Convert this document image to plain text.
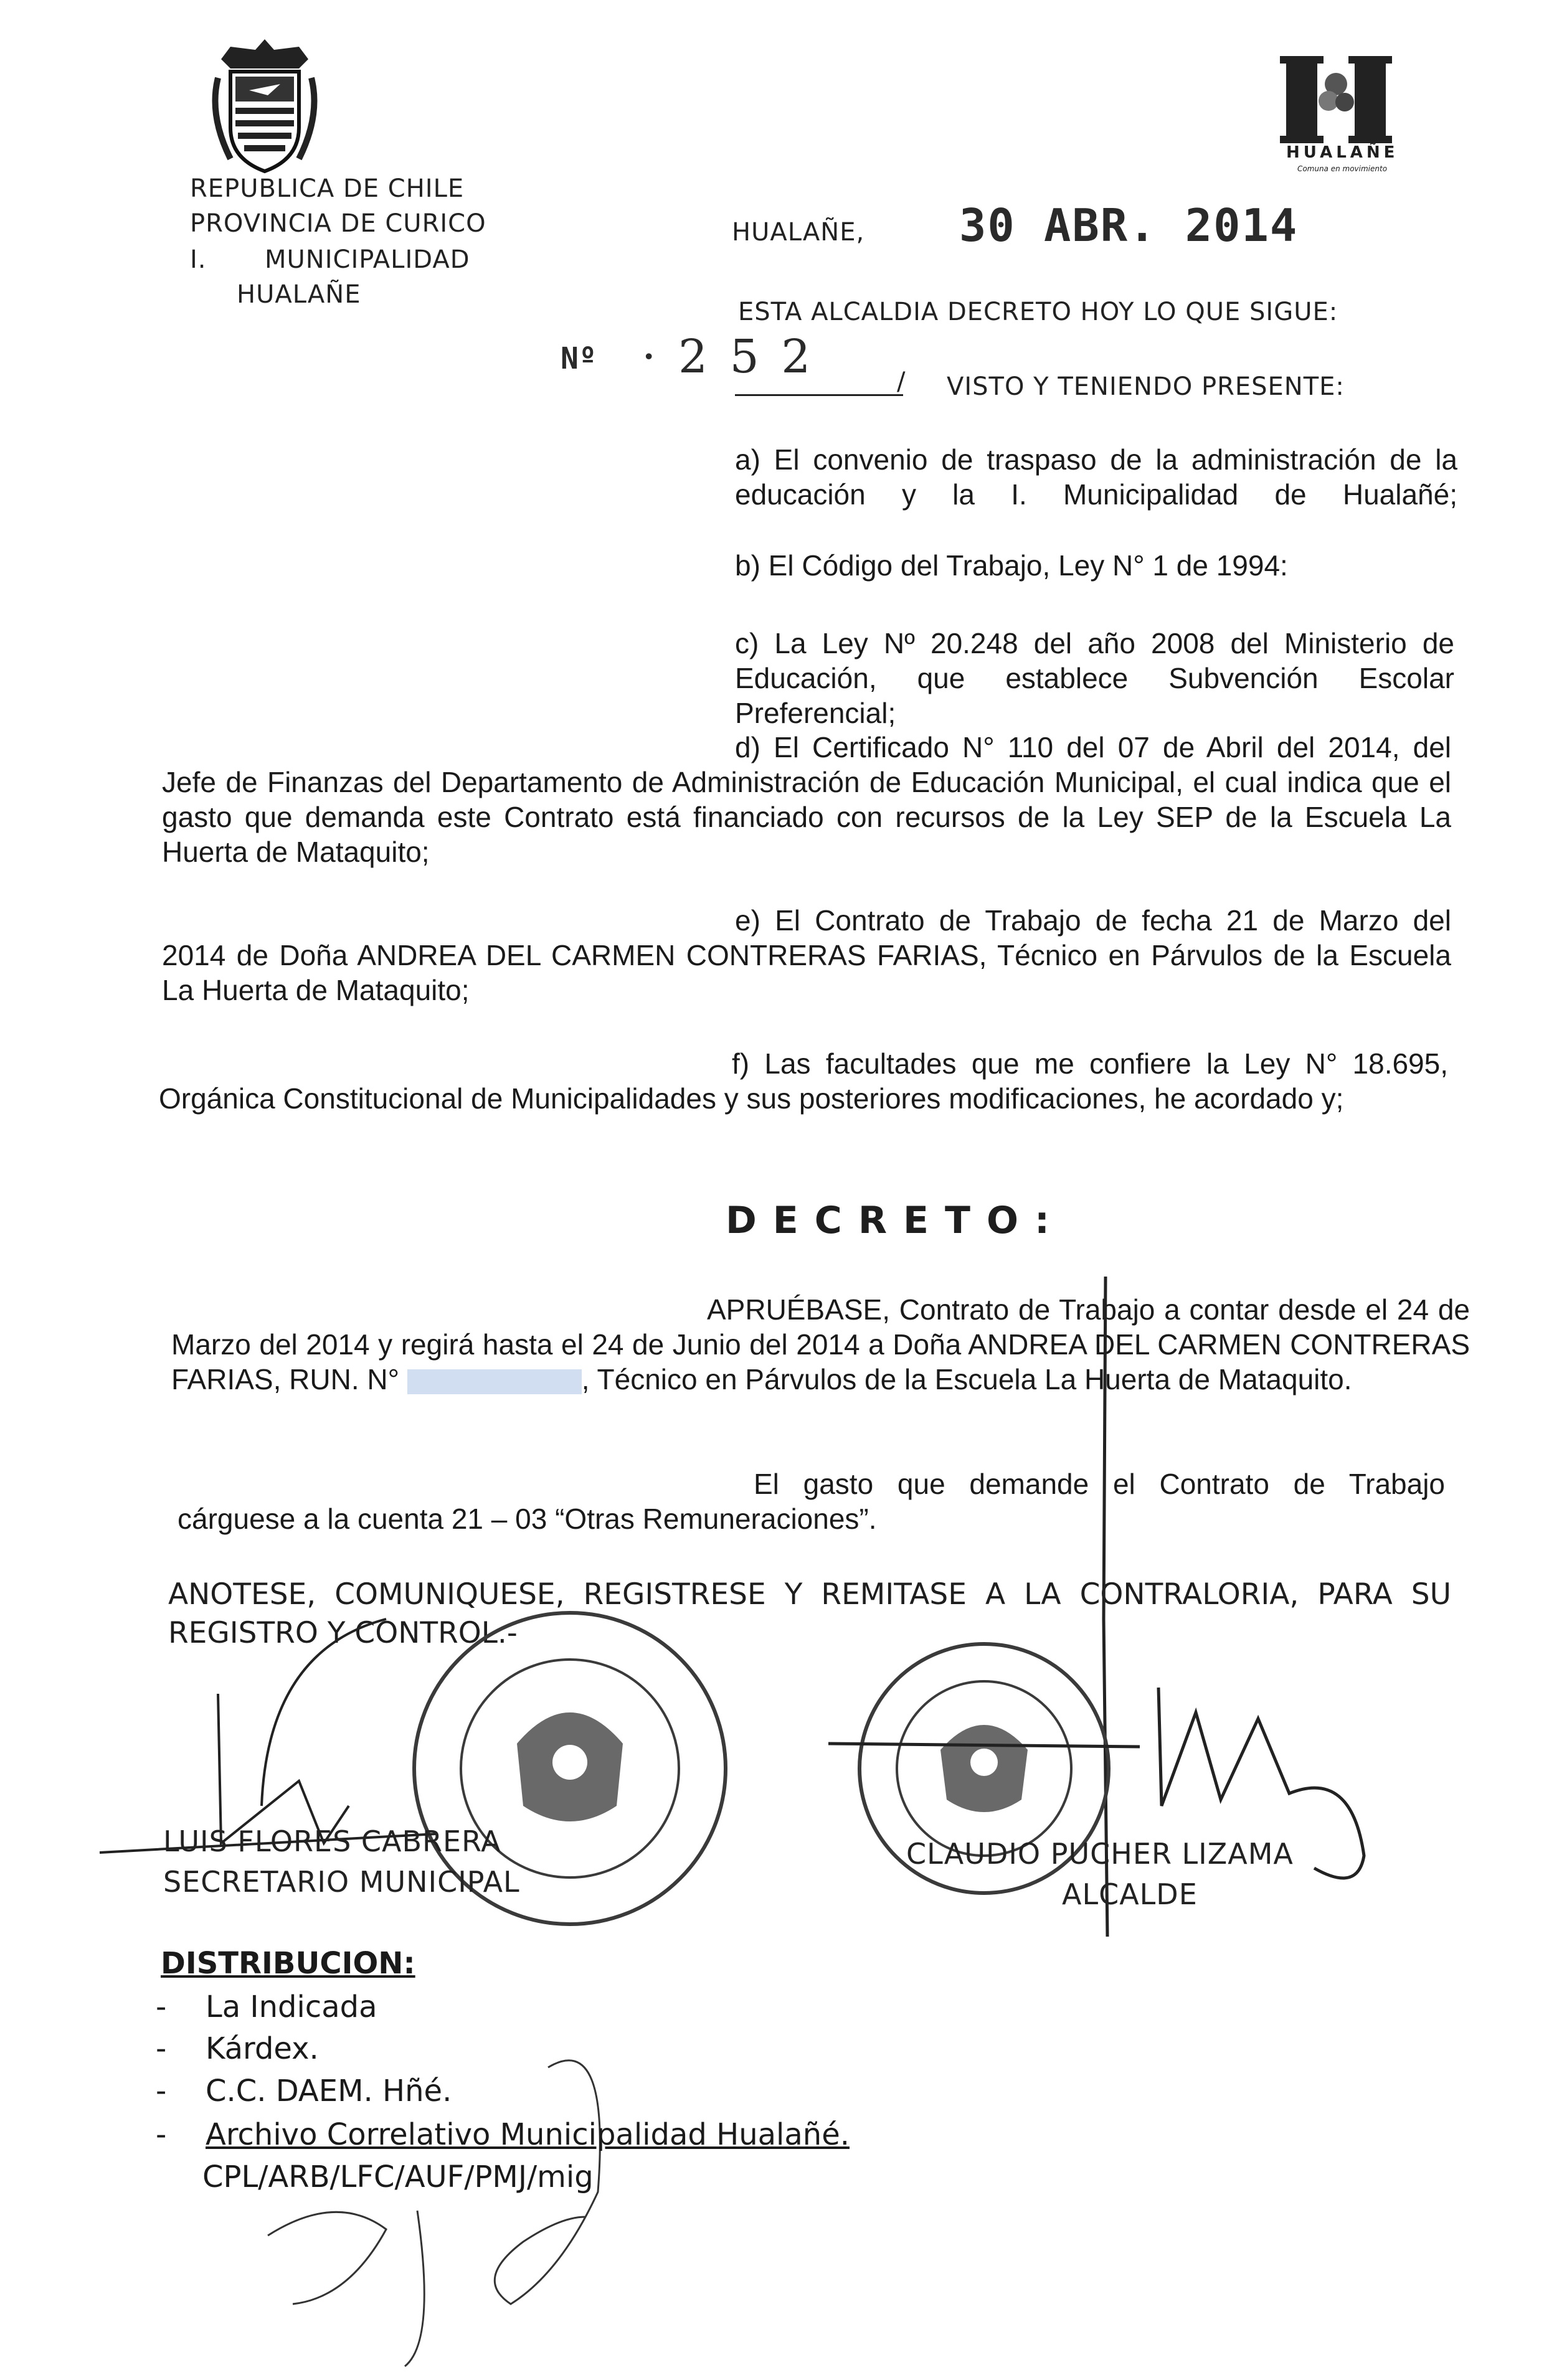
HUALAÑE
Comuna en movimiento
REPUBLICA DE CHILE
PROVINCIA DE CURICO
I. MUNICIPALIDAD
HUALAÑE
HUALAÑE, 30 ABR. 2014
ESTA ALCALDIA DECRETO HOY LO QUE SIGUE:
Nº · 2 5 2	/ VISTO Y TENIENDO PRESENTE:
a) El convenio de traspaso de la administración de la educación y la I. Municipalidad de Hualañé;
b) El Código del Trabajo, Ley N° 1 de 1994:
c) La Ley Nº 20.248 del año 2008 del Ministerio de Educación, que establece Subvención Escolar Preferencial;
d) El Certificado N° 110 del 07 de Abril del 2014, del Jefe de Finanzas del Departamento de Administración de Educación Municipal, el cual indica que el gasto que demanda este Contrato está financiado con recursos de la Ley SEP de la Escuela La Huerta de Mataquito;
e) El Contrato de Trabajo de fecha 21 de Marzo del 2014 de Doña ANDREA DEL CARMEN CONTRERAS FARIAS, Técnico en Párvulos de la Escuela La Huerta de Mataquito;
f) Las facultades que me confiere la Ley N° 18.695, Orgánica Constitucional de Municipalidades y sus posteriores modificaciones, he acordado y;
DECRETO:
APRUÉBASE, Contrato de Trabajo a contar desde el 24 de Marzo del 2014 y regirá hasta el 24 de Junio del 2014 a Doña ANDREA DEL CARMEN CONTRERAS FARIAS, RUN. N°	, Técnico en Párvulos de la Escuela La Huerta de Mataquito.
El gasto que demande el Contrato de Trabajo cárguese a la cuenta 21 – 03 “Otras Remuneraciones”.
ANOTESE, COMUNIQUESE, REGISTRESE Y REMITASE A LA CONTRALORIA, PARA SU REGISTRO Y CONTROL.-
LUIS FLORES CABRERA
SECRETARIO MUNICIPAL
CLAUDIO PUCHER LIZAMA
ALCALDE
DISTRIBUCION:
- La Indicada
- Kárdex.
- C.C. DAEM. Hñé.
- Archivo Correlativo Municipalidad Hualañé.
CPL/ARB/LFC/AUF/PMJ/mig
